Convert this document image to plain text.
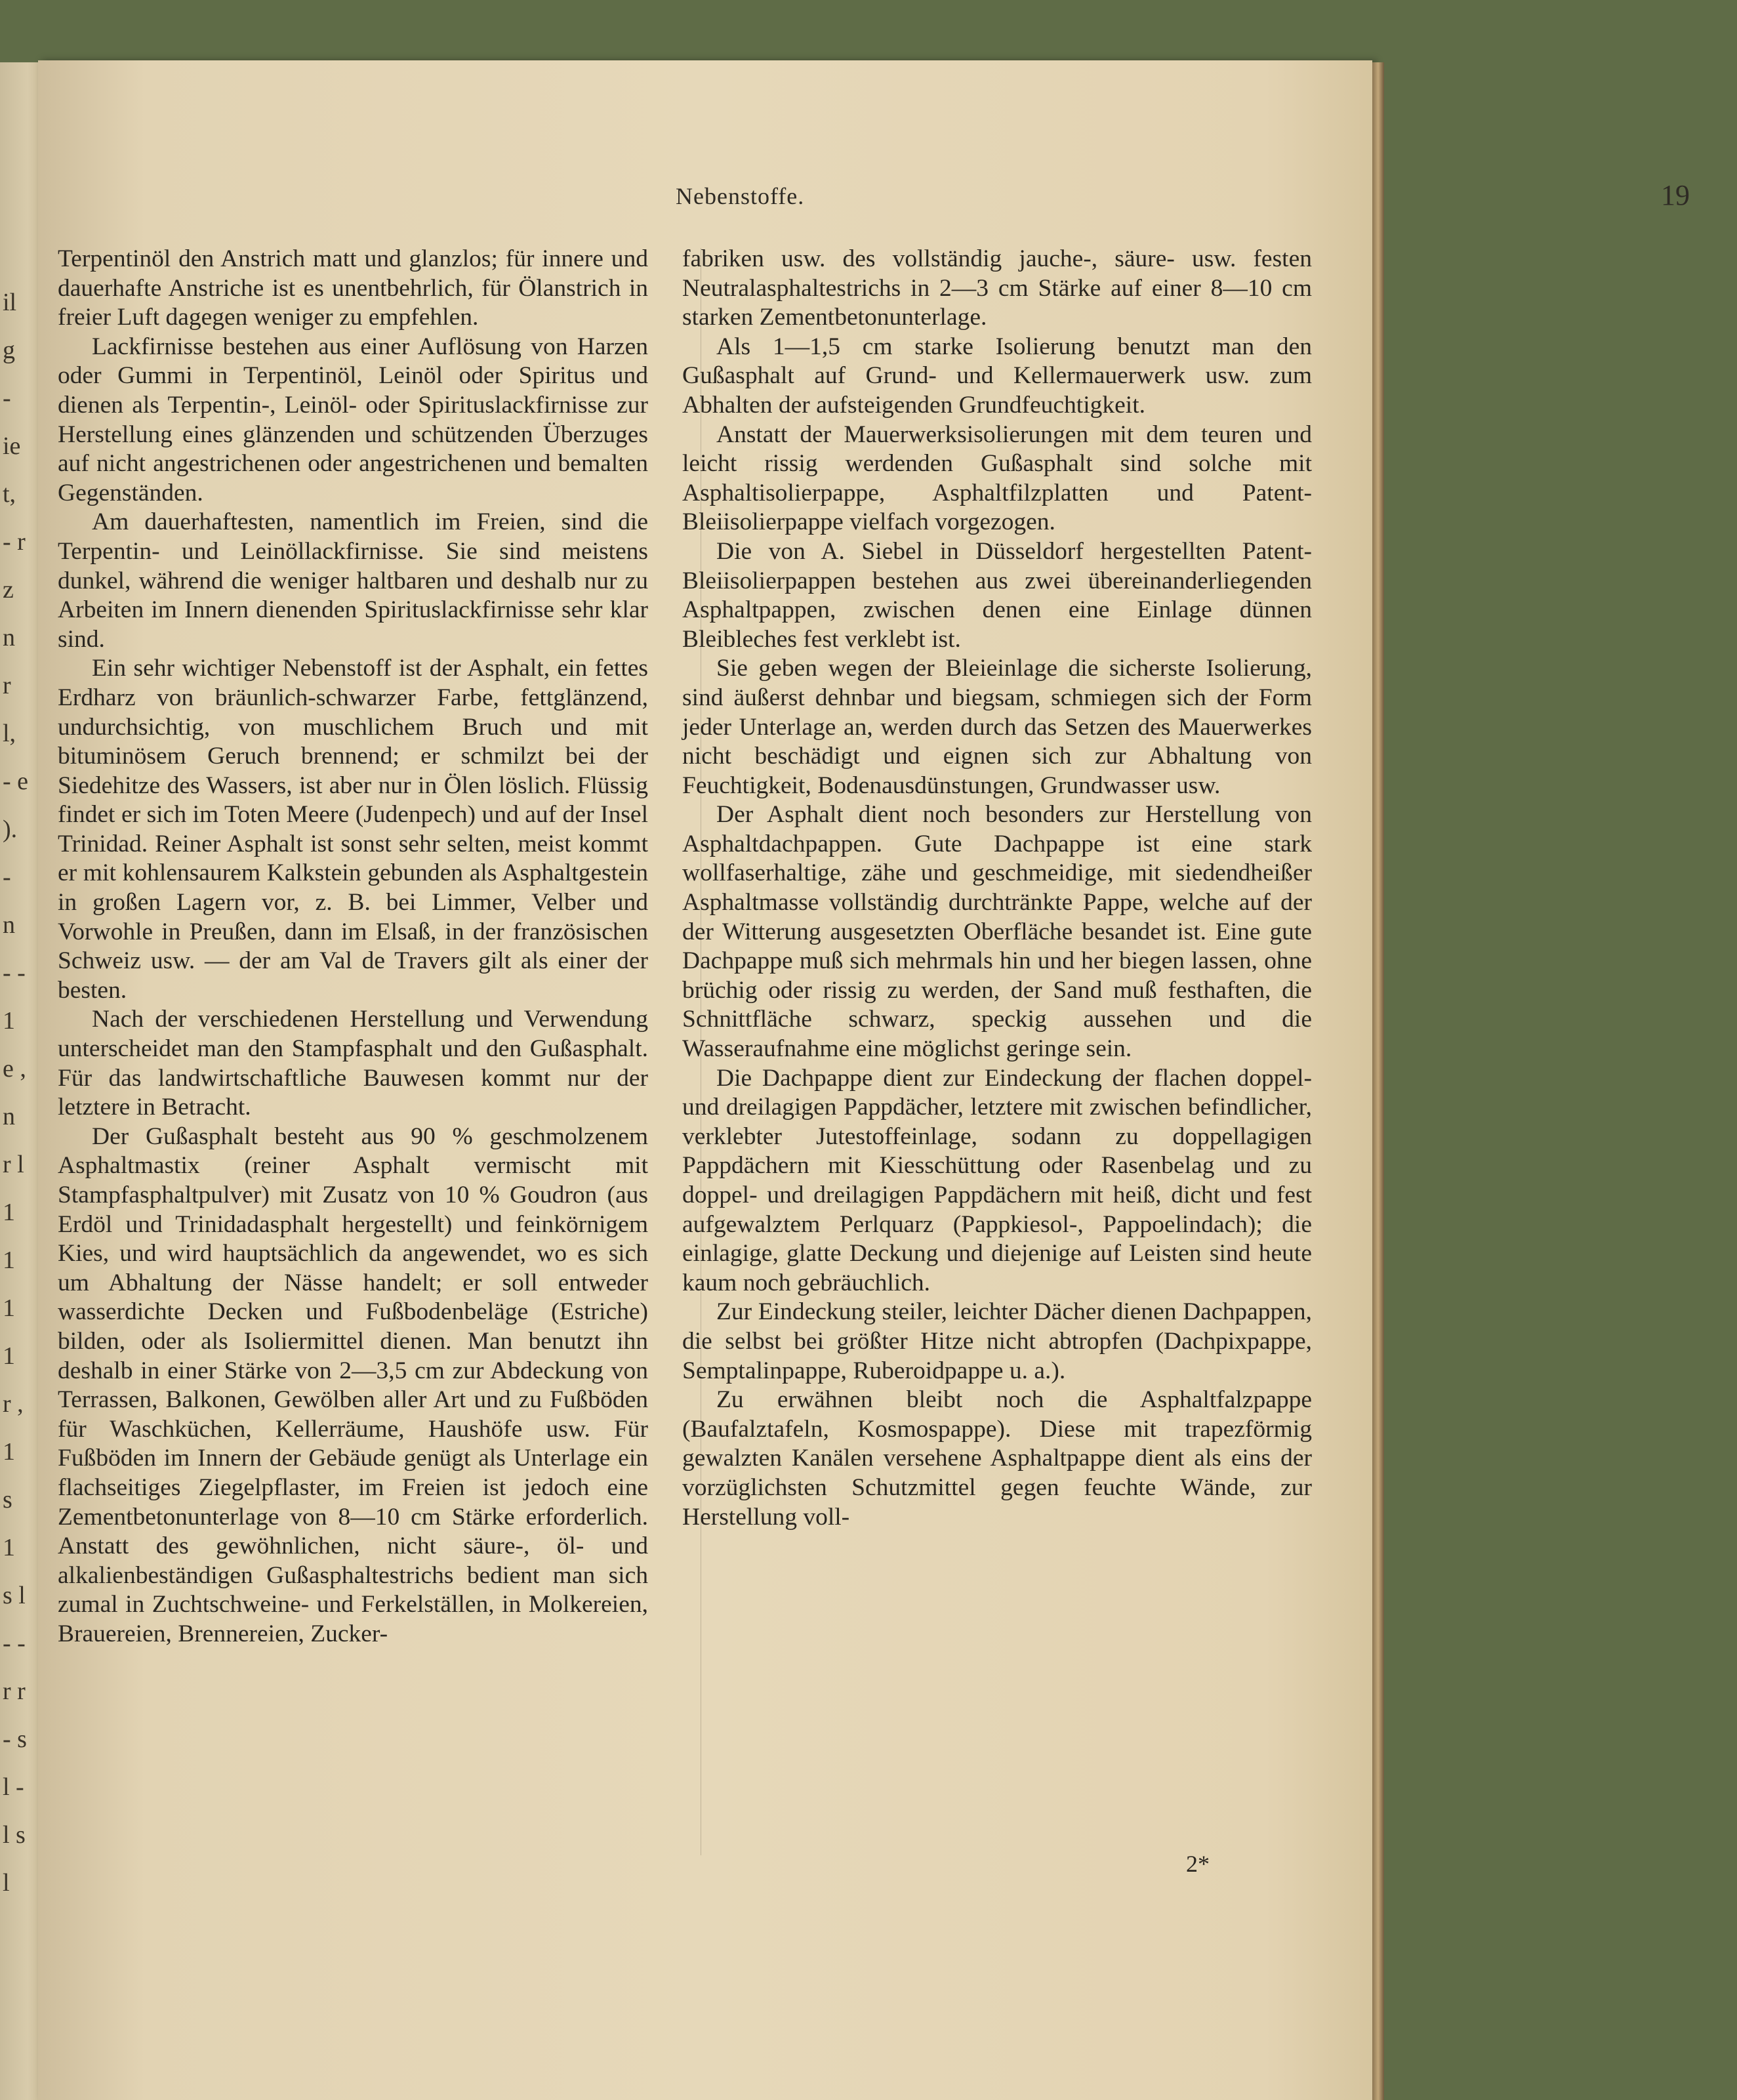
il g - ie t, - r z n r l, - e ). - n - - 1 e , n r l 1 1 1 1 r , 1 s 1 s l - - r r - s l - l s l
Nebenstoffe.	19

Terpentinöl den Anstrich matt und glanzlos; für innere und dauerhafte Anstriche ist es unentbehrlich, für Ölanstrich in freier Luft dagegen weniger zu empfehlen.

Lackfirnisse bestehen aus einer Auflösung von Harzen oder Gummi in Terpentinöl, Leinöl oder Spiritus und dienen als Terpentin-, Leinöl- oder Spirituslackfirnisse zur Herstellung eines glänzenden und schützenden Überzuges auf nicht angestrichenen oder angestrichenen und bemalten Gegenständen.

Am dauerhaftesten, namentlich im Freien, sind die Terpentin- und Leinöllackfirnisse. Sie sind meistens dunkel, während die weniger haltbaren und deshalb nur zu Arbeiten im Innern dienenden Spirituslackfirnisse sehr klar sind.

Ein sehr wichtiger Nebenstoff ist der Asphalt, ein fettes Erdharz von bräunlich-schwarzer Farbe, fettglänzend, undurchsichtig, von muschlichem Bruch und mit bituminösem Geruch brennend; er schmilzt bei der Siedehitze des Wassers, ist aber nur in Ölen löslich. Flüssig findet er sich im Toten Meere (Judenpech) und auf der Insel Trinidad. Reiner Asphalt ist sonst sehr selten, meist kommt er mit kohlensaurem Kalkstein gebunden als Asphaltgestein in großen Lagern vor, z. B. bei Limmer, Velber und Vorwohle in Preußen, dann im Elsaß, in der französischen Schweiz usw. — der am Val de Travers gilt als einer der besten.

Nach der verschiedenen Herstellung und Verwendung unterscheidet man den Stampfasphalt und den Gußasphalt. Für das landwirtschaftliche Bauwesen kommt nur der letztere in Betracht.

Der Gußasphalt besteht aus 90 % geschmolzenem Asphaltmastix (reiner Asphalt vermischt mit Stampfasphaltpulver) mit Zusatz von 10 % Goudron (aus Erdöl und Trinidadasphalt hergestellt) und feinkörnigem Kies, und wird hauptsächlich da angewendet, wo es sich um Abhaltung der Nässe handelt; er soll entweder wasserdichte Decken und Fußbodenbeläge (Estriche) bilden, oder als Isoliermittel dienen. Man benutzt ihn deshalb in einer Stärke von 2—3,5 cm zur Abdeckung von Terrassen, Balkonen, Gewölben aller Art und zu Fußböden für Waschküchen, Kellerräume, Haushöfe usw. Für Fußböden im Innern der Gebäude genügt als Unterlage ein flachseitiges Ziegelpflaster, im Freien ist jedoch eine Zementbetonunterlage von 8—10 cm Stärke erforderlich. Anstatt des gewöhnlichen, nicht säure-, öl- und alkalienbeständigen Gußasphaltestrichs bedient man sich zumal in Zuchtschweine- und Ferkelställen, in Molkereien, Brauereien, Brennereien, Zucker-

fabriken usw. des vollständig jauche-, säure- usw. festen Neutralasphaltestrichs in 2—3 cm Stärke auf einer 8—10 cm starken Zementbetonunterlage.

Als 1—1,5 cm starke Isolierung benutzt man den Gußasphalt auf Grund- und Kellermauerwerk usw. zum Abhalten der aufsteigenden Grundfeuchtigkeit.

Anstatt der Mauerwerksisolierungen mit dem teuren und leicht rissig werdenden Gußasphalt sind solche mit Asphaltisolierpappe, Asphaltfilzplatten und Patent-Bleiisolierpappe vielfach vorgezogen.

Die von A. Siebel in Düsseldorf hergestellten Patent-Bleiisolierpappen bestehen aus zwei übereinanderliegenden Asphaltpappen, zwischen denen eine Einlage dünnen Bleibleches fest verklebt ist.

Sie geben wegen der Bleieinlage die sicherste Isolierung, sind äußerst dehnbar und biegsam, schmiegen sich der Form jeder Unterlage an, werden durch das Setzen des Mauerwerkes nicht beschädigt und eignen sich zur Abhaltung von Feuchtigkeit, Bodenausdünstungen, Grundwasser usw.

Der Asphalt dient noch besonders zur Herstellung von Asphaltdachpappen. Gute Dachpappe ist eine stark wollfaserhaltige, zähe und geschmeidige, mit siedendheißer Asphaltmasse vollständig durchtränkte Pappe, welche auf der der Witterung ausgesetzten Oberfläche besandet ist. Eine gute Dachpappe muß sich mehrmals hin und her biegen lassen, ohne brüchig oder rissig zu werden, der Sand muß festhaften, die Schnittfläche schwarz, speckig aussehen und die Wasseraufnahme eine möglichst geringe sein.

Die Dachpappe dient zur Eindeckung der flachen doppel- und dreilagigen Pappdächer, letztere mit zwischen befindlicher, verklebter Jutestoffeinlage, sodann zu doppellagigen Pappdächern mit Kiesschüttung oder Rasenbelag und zu doppel- und dreilagigen Pappdächern mit heiß, dicht und fest aufgewalztem Perlquarz (Pappkiesol-, Pappoelindach); die einlagige, glatte Deckung und diejenige auf Leisten sind heute kaum noch gebräuchlich.

Zur Eindeckung steiler, leichter Dächer dienen Dachpappen, die selbst bei größter Hitze nicht abtropfen (Dachpixpappe, Semptalinpappe, Ruberoidpappe u. a.).

Zu erwähnen bleibt noch die Asphaltfalzpappe (Baufalztafeln, Kosmospappe). Diese mit trapezförmig gewalzten Kanälen versehene Asphaltpappe dient als eins der vorzüglichsten Schutzmittel gegen feuchte Wände, zur Herstellung voll-

2*
